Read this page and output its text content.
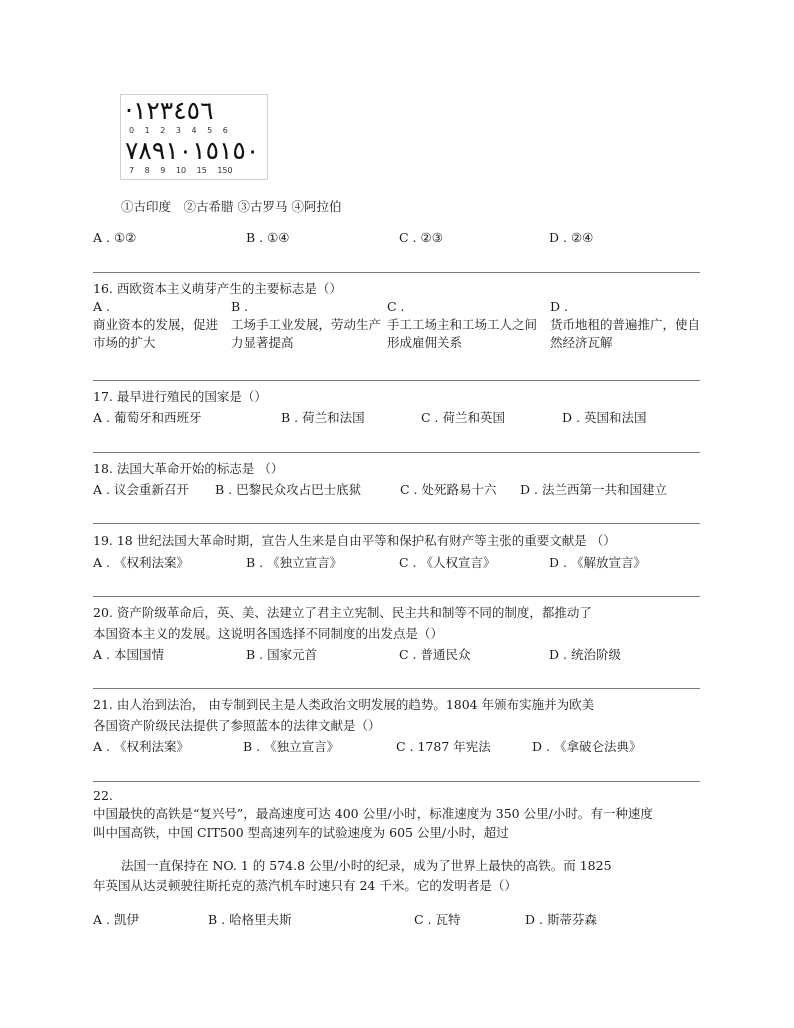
·١٢٣٤٥٦
0 1 2 3 4 5 6
٧٨٩١٠١٥١٥٠
7 8 9 10 15 150
①古印度　②古希腊 ③古罗马 ④阿拉伯
A . ①②	B . ①④	C . ②③	D . ②④
16. 西欧资本主义萌芽产生的主要标志是（）
A .
商业资本的发展，促进市场的扩大
B .
工场手工业发展，劳动生产力显著提高
C .
手工工场主和工场工人之间形成雇佣关系
D .
货币地租的普遍推广，使自然经济瓦解
17. 最早进行殖民的国家是（）
A . 葡萄牙和西班牙	B . 荷兰和法国	C . 荷兰和英国	D . 英国和法国
18. 法国大革命开始的标志是 （）
A . 议会重新召开 B . 巴黎民众攻占巴士底狱	C . 处死路易十六 D . 法兰西第一共和国建立
19. 18 世纪法国大革命时期，宣告人生来是自由平等和保护私有财产等主张的重要文献是 （）
A . 《权利法案》	B . 《独立宣言》	C . 《人权宣言》	D . 《解放宣言》
20. 资产阶级革命后，英、美、法建立了君主立宪制、民主共和制等不同的制度，都推动了
本国资本主义的发展。这说明各国选择不同制度的出发点是（）
A . 本国国情	B . 国家元首	C . 普通民众	D . 统治阶级
21. 由人治到法治， 由专制到民主是人类政治文明发展的趋势。1804 年颁布实施并为欧美
各国资产阶级民法提供了参照蓝本的法律文献是（）
A . 《权利法案》	B . 《独立宣言》	C . 1787 年宪法	D . 《拿破仑法典》
22.
中国最快的高铁是“复兴号”，最高速度可达 400 公里/小时，标准速度为 350 公里/小时。有一种速度
叫中国高铁，中国 CIT500 型高速列车的试验速度为 605 公里/小时，超过
法国一直保持在 NO. 1 的 574.8 公里/小时的纪录，成为了世界上最快的高铁。而 1825
年英国从达灵顿驶往斯托克的蒸汽机车时速只有 24 千米。它的发明者是（）
A . 凯伊	B . 哈格里夫斯	C . 瓦特	D . 斯蒂芬森
